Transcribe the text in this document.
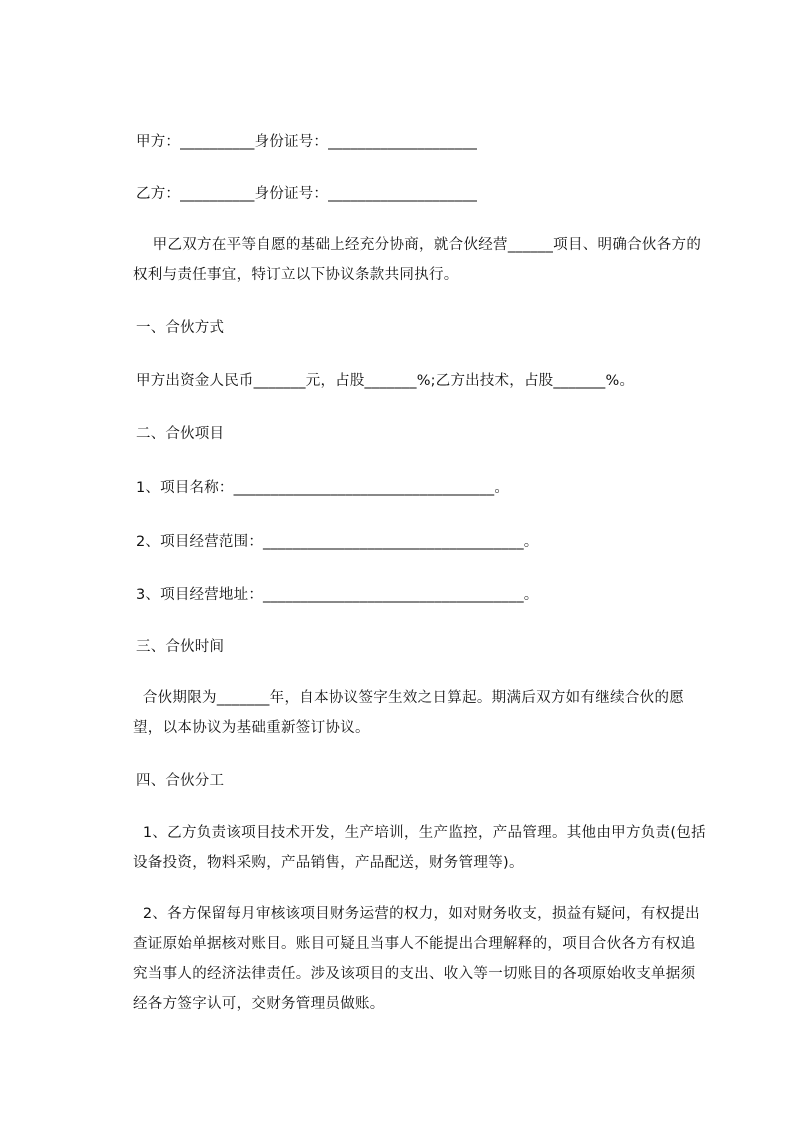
甲方：__________身份证号：____________________
乙方：__________身份证号：____________________
甲乙双方在平等自愿的基础上经充分协商，就合伙经营______项目、明确合伙各方的权利与责任事宜，特订立以下协议条款共同执行。
一、合伙方式
甲方出资金人民币_______元，占股_______%;乙方出技术，占股_______%。
二、合伙项目
1、项目名称：___________________________________。
2、项目经营范围：___________________________________。
3、项目经营地址：___________________________________。
三、合伙时间
合伙期限为_______年，自本协议签字生效之日算起。期满后双方如有继续合伙的愿望，以本协议为基础重新签订协议。
四、合伙分工
1、乙方负责该项目技术开发，生产培训，生产监控，产品管理。其他由甲方负责(包括设备投资，物料采购，产品销售，产品配送，财务管理等)。
2、各方保留每月审核该项目财务运营的权力，如对财务收支，损益有疑问，有权提出查证原始单据核对账目。账目可疑且当事人不能提出合理解释的，项目合伙各方有权追究当事人的经济法律责任。涉及该项目的支出、收入等一切账目的各项原始收支单据须经各方签字认可，交财务管理员做账。
